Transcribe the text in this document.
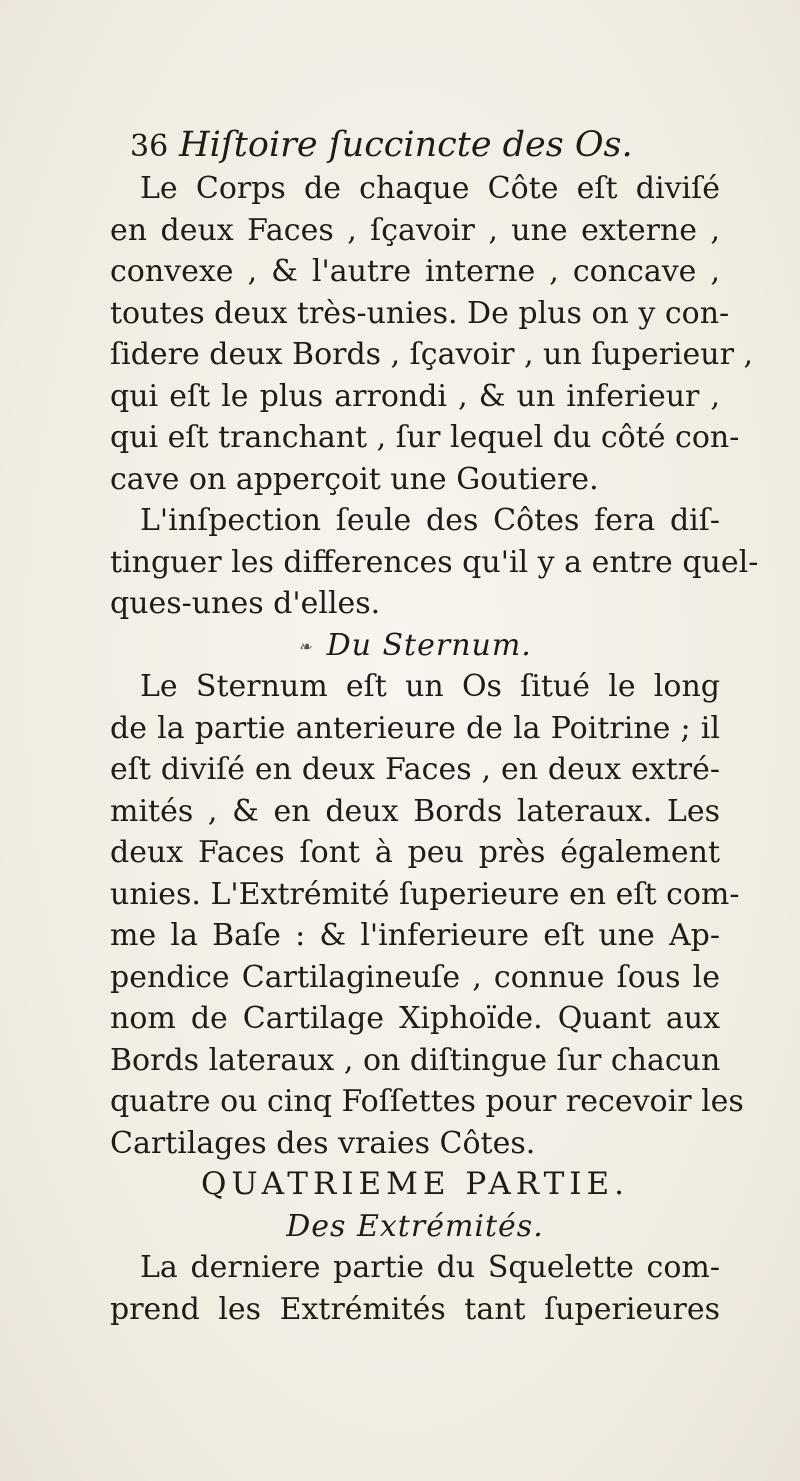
36 Hiſtoire ſuccincte des Os.
Le Corps de chaque Côte eſt diviſé
en deux Faces , ſçavoir , une externe ,
convexe , & l'autre interne , concave ,
toutes deux très-unies. De plus on y con-
ſidere deux Bords , ſçavoir , un ſuperieur ,
qui eſt le plus arrondi , & un inferieur ,
qui eſt tranchant , ſur lequel du côté con-
cave on apperçoit une Goutiere.
L'inſpection ſeule des Côtes fera diſ-
tinguer les differences qu'il y a entre quel-
ques-unes d'elles.
❧ Du Sternum.
Le Sternum eſt un Os ſitué le long
de la partie anterieure de la Poitrine ; il
eſt diviſé en deux Faces , en deux extré-
mités , & en deux Bords lateraux. Les
deux Faces ſont à peu près également
unies. L'Extrémité ſuperieure en eſt com-
me la Baſe : & l'inferieure eſt une Ap-
pendice Cartilagineuſe , connue ſous le
nom de Cartilage Xiphoïde. Quant aux
Bords lateraux , on diſtingue ſur chacun
quatre ou cinq Foſſettes pour recevoir les
Cartilages des vraies Côtes.
QUATRIEME PARTIE.
Des Extrémités.
La derniere partie du Squelette com-
prend les Extrémités tant ſuperieures
